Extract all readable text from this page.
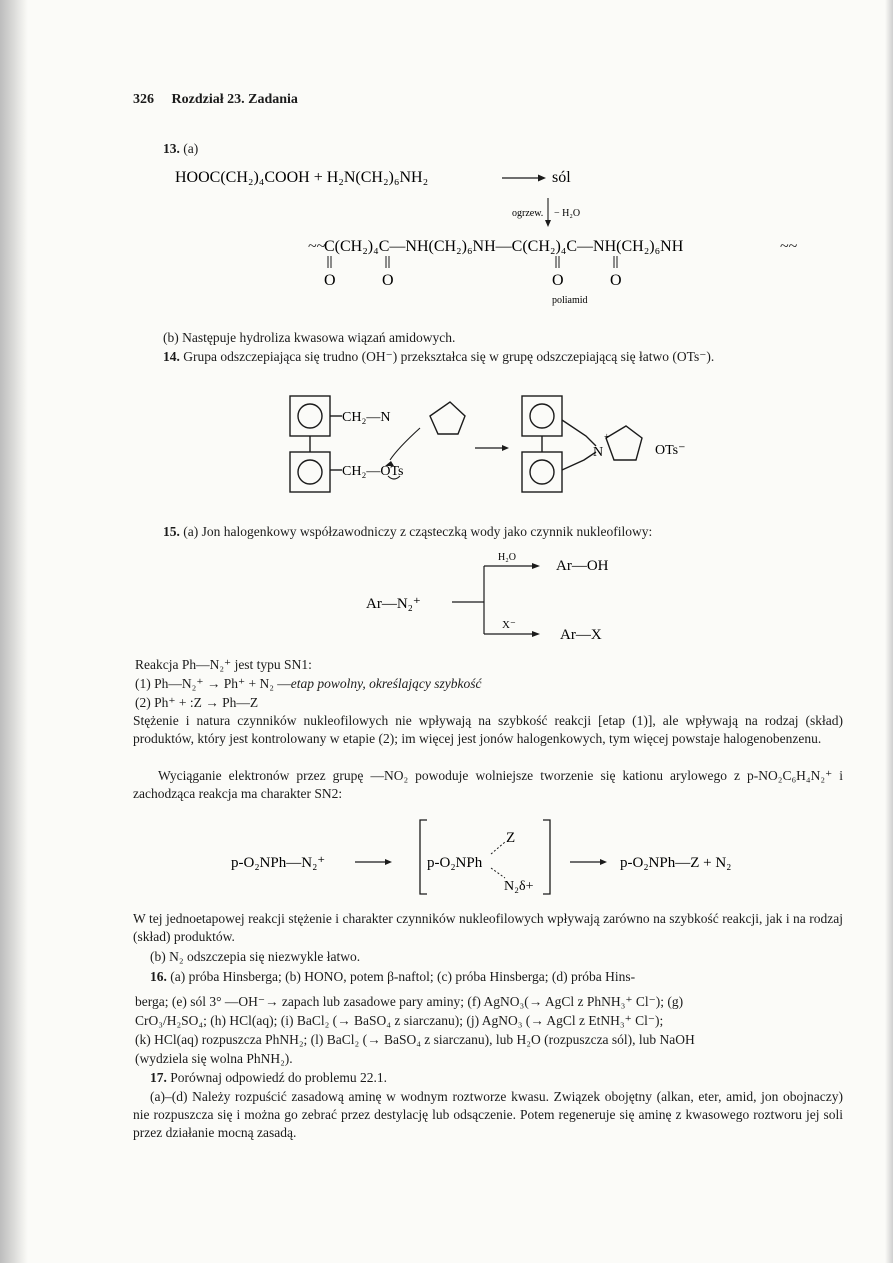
326 Rozdział 23. Zadania
13. (a)
HOOC(CH₂)₄COOH + H₂N(CH₂)₆NH₂	sól
ogrzew. − H₂O
~~
C(CH₂)₄C—NH(CH₂)₆NH—C(CH₂)₄C—NH(CH₂)₆NH	~~
O	O	O	O
poliamid
(b) Następuje hydroliza kwasowa wiązań amidowych.
14. Grupa odszczepiająca się trudno (OH⁻) przekształca się w grupę odszczepiającą się łatwo (OTs⁻).
CH₂—N
CH₂—OTs
N
+
OTs⁻
15. (a) Jon halogenkowy współzawodniczy z cząsteczką wody jako czynnik nukleofilowy:
Ar—N₂⁺
H₂O
X⁻
Ar—OH
Ar—X
Reakcja Ph—N₂⁺ jest typu SN1:
(1) Ph—N₂⁺ → Ph⁺ + N₂ —etap powolny, określający szybkość
(2) Ph⁺ + :Z → Ph—Z
Stężenie i natura czynników nukleofilowych nie wpływają na szybkość reakcji [etap (1)], ale wpływają na rodzaj (skład) produktów, który jest kontrolowany w etapie (2); im więcej jest jonów halogenkowych, tym więcej powstaje halogenobenzenu.
Wyciąganie elektronów przez grupę —NO₂ powoduje wolniejsze tworzenie się kationu arylowego z p-NO₂C₆H₄N₂⁺ i zachodząca reakcja ma charakter SN2:
p-O₂NPh—N₂⁺
Z
p-O₂NPh
N₂δ+
p-O₂NPh—Z + N₂
W tej jednoetapowej reakcji stężenie i charakter czynników nukleofilowych wpływają zarówno na szybkość reakcji, jak i na rodzaj (skład) produktów.
(b) N₂ odszczepia się niezwykle łatwo.
16. (a) próba Hinsberga; (b) HONO, potem β-naftol; (c) próba Hinsberga; (d) próba Hins-
berga; (e) sól 3° —OH⁻→ zapach lub zasadowe pary aminy; (f) AgNO₃(→ AgCl z PhNH₃⁺ Cl⁻); (g)
CrO₃/H₂SO₄; (h) HCl(aq); (i) BaCl₂ (→ BaSO₄ z siarczanu); (j) AgNO₃ (→ AgCl z EtNH₃⁺ Cl⁻);
(k) HCl(aq) rozpuszcza PhNH₂; (l) BaCl₂ (→ BaSO₄ z siarczanu), lub H₂O (rozpuszcza sól), lub NaOH
(wydziela się wolna PhNH₂).
17. Porównaj odpowiedź do problemu 22.1.
(a)–(d) Należy rozpuścić zasadową aminę w wodnym roztworze kwasu. Związek obojętny (alkan, eter, amid, jon obojnaczy) nie rozpuszcza się i można go zebrać przez destylację lub odsączenie. Potem regeneruje się aminę z kwasowego roztworu jej soli przez działanie mocną zasadą.
